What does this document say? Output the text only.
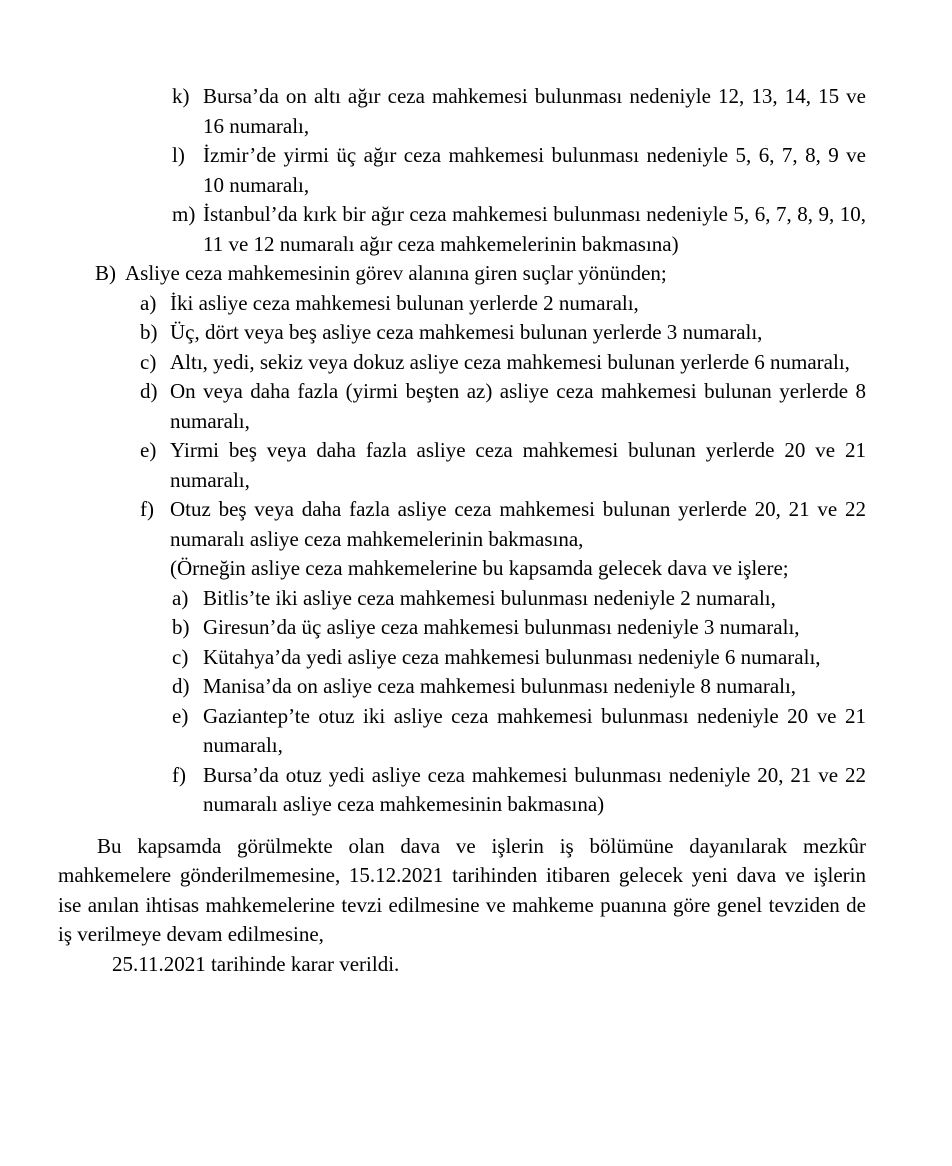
k) Bursa’da on altı ağır ceza mahkemesi bulunması nedeniyle 12, 13, 14, 15 ve
16 numaralı,
l) İzmir’de yirmi üç ağır ceza mahkemesi bulunması nedeniyle 5, 6, 7, 8, 9 ve
10 numaralı,
m) İstanbul’da kırk bir ağır ceza mahkemesi bulunması nedeniyle 5, 6, 7, 8, 9, 10,
11 ve 12 numaralı ağır ceza mahkemelerinin bakmasına)
B) Asliye ceza mahkemesinin görev alanına giren suçlar yönünden;
a) İki asliye ceza mahkemesi bulunan yerlerde 2 numaralı,
b) Üç, dört veya beş asliye ceza mahkemesi bulunan yerlerde 3 numaralı,
c) Altı, yedi, sekiz veya dokuz asliye ceza mahkemesi bulunan yerlerde 6 numaralı,
d) On veya daha fazla (yirmi beşten az) asliye ceza mahkemesi bulunan yerlerde 8
numaralı,
e) Yirmi beş veya daha fazla asliye ceza mahkemesi bulunan yerlerde 20 ve 21
numaralı,
f) Otuz beş veya daha fazla asliye ceza mahkemesi bulunan yerlerde 20, 21 ve 22
numaralı asliye ceza mahkemelerinin bakmasına,
(Örneğin asliye ceza mahkemelerine bu kapsamda gelecek dava ve işlere;
a) Bitlis’te iki asliye ceza mahkemesi bulunması nedeniyle 2 numaralı,
b) Giresun’da üç asliye ceza mahkemesi bulunması nedeniyle 3 numaralı,
c) Kütahya’da yedi asliye ceza mahkemesi bulunması nedeniyle 6 numaralı,
d) Manisa’da on asliye ceza mahkemesi bulunması nedeniyle 8 numaralı,
e) Gaziantep’te otuz iki asliye ceza mahkemesi bulunması nedeniyle 20 ve 21
numaralı,
f) Bursa’da otuz yedi asliye ceza mahkemesi bulunması nedeniyle 20, 21 ve 22
numaralı asliye ceza mahkemesinin bakmasına)
Bu kapsamda görülmekte olan dava ve işlerin iş bölümüne dayanılarak mezkûr
mahkemelere gönderilmemesine, 15.12.2021 tarihinden itibaren gelecek yeni dava ve işlerin
ise anılan ihtisas mahkemelerine tevzi edilmesine ve mahkeme puanına göre genel tevziden de
iş verilmeye devam edilmesine,
25.11.2021 tarihinde karar verildi.
